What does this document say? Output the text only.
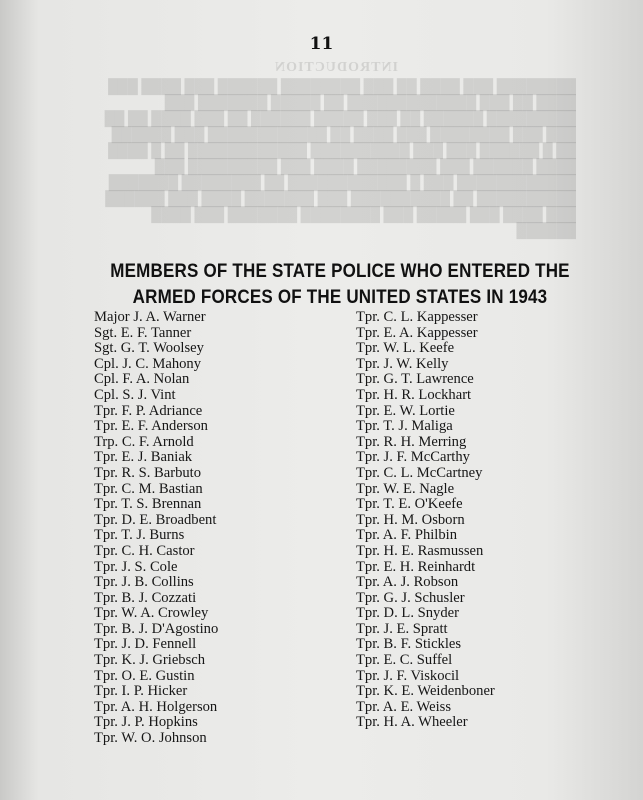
INTRODUCTION
████████ ███ ████ ██ ███ ████████ ██████ ███ ████ ███ ████ ██ ███ █████████████ ██ █████ ███████ ███ █████████ ██████ ██ ███ █████ ██████ ██ ███ ████ ██ ██ ███ ███ ████████ ███ ████ ██ ████████████ ███ ██████ ██ █ ██████ ███ ███ ██████████ ████████████ ██ █ ████ ████ ██████ ███ ████████ ████ ███ █████████ ███ ████████████ ███ █ ████████████ ██ ████████ ███████ ██████████ ██ ██████████ ███ ███████ ████ ███ ██████ ███ ████ ███ █████ ███ ████████ ███████ ███ ████ ██████
11
MEMBERS OF THE STATE POLICE WHO ENTERED THE
ARMED FORCES OF THE UNITED STATES IN 1943
Major J. A. Warner
Sgt. E. F. Tanner
Sgt. G. T. Woolsey
Cpl. J. C. Mahony
Cpl. F. A. Nolan
Cpl. S. J. Vint
Tpr. F. P. Adriance
Tpr. E. F. Anderson
Trp. C. F. Arnold
Tpr. E. J. Baniak
Tpr. R. S. Barbuto
Tpr. C. M. Bastian
Tpr. T. S. Brennan
Tpr. D. E. Broadbent
Tpr. T. J. Burns
Tpr. C. H. Castor
Tpr. J. S. Cole
Tpr. J. B. Collins
Tpr. B. J. Cozzati
Tpr. W. A. Crowley
Tpr. B. J. D'Agostino
Tpr. J. D. Fennell
Tpr. K. J. Griebsch
Tpr. O. E. Gustin
Tpr. I. P. Hicker
Tpr. A. H. Holgerson
Tpr. J. P. Hopkins
Tpr. W. O. Johnson
Tpr. C. L. Kappesser
Tpr. E. A. Kappesser
Tpr. W. L. Keefe
Tpr. J. W. Kelly
Tpr. G. T. Lawrence
Tpr. H. R. Lockhart
Tpr. E. W. Lortie
Tpr. T. J. Maliga
Tpr. R. H. Merring
Tpr. J. F. McCarthy
Tpr. C. L. McCartney
Tpr. W. E. Nagle
Tpr. T. E. O'Keefe
Tpr. H. M. Osborn
Tpr. A. F. Philbin
Tpr. H. E. Rasmussen
Tpr. E. H. Reinhardt
Tpr. A. J. Robson
Tpr. G. J. Schusler
Tpr. D. L. Snyder
Tpr. J. E. Spratt
Tpr. B. F. Stickles
Tpr. E. C. Suffel
Tpr. J. F. Viskocil
Tpr. K. E. Weidenboner
Tpr. A. E. Weiss
Tpr. H. A. Wheeler
